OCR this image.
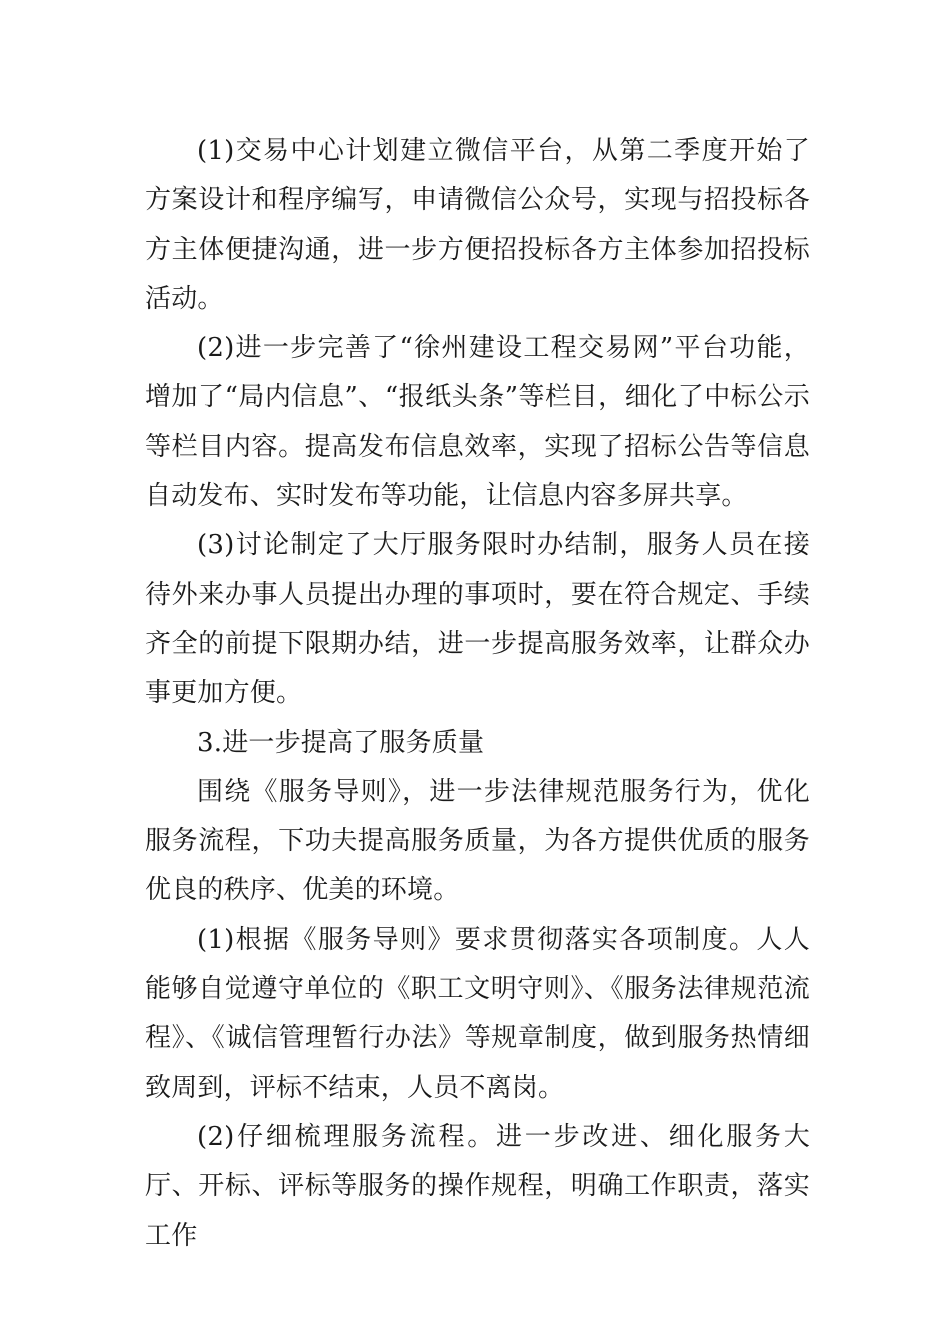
(1)交易中心计划建立微信平台，从第二季度开始了方案设计和程序编写，申请微信公众号，实现与招投标各方主体便捷沟通，进一步方便招投标各方主体参加招投标活动。

(2)进一步完善了“徐州建设工程交易网”平台功能，增加了“局内信息”、“报纸头条”等栏目，细化了中标公示等栏目内容。提高发布信息效率，实现了招标公告等信息自动发布、实时发布等功能，让信息内容多屏共享。

(3)讨论制定了大厅服务限时办结制，服务人员在接待外来办事人员提出办理的事项时，要在符合规定、手续齐全的前提下限期办结，进一步提高服务效率，让群众办事更加方便。

3.进一步提高了服务质量

围绕《服务导则》，进一步法律规范服务行为，优化服务流程，下功夫提高服务质量，为各方提供优质的服务优良的秩序、优美的环境。

(1)根据《服务导则》要求贯彻落实各项制度。人人能够自觉遵守单位的《职工文明守则》、《服务法律规范流程》、《诚信管理暂行办法》等规章制度，做到服务热情细致周到，评标不结束，人员不离岗。

(2)仔细梳理服务流程。进一步改进、细化服务大厅、开标、评标等服务的操作规程，明确工作职责，落实工作
